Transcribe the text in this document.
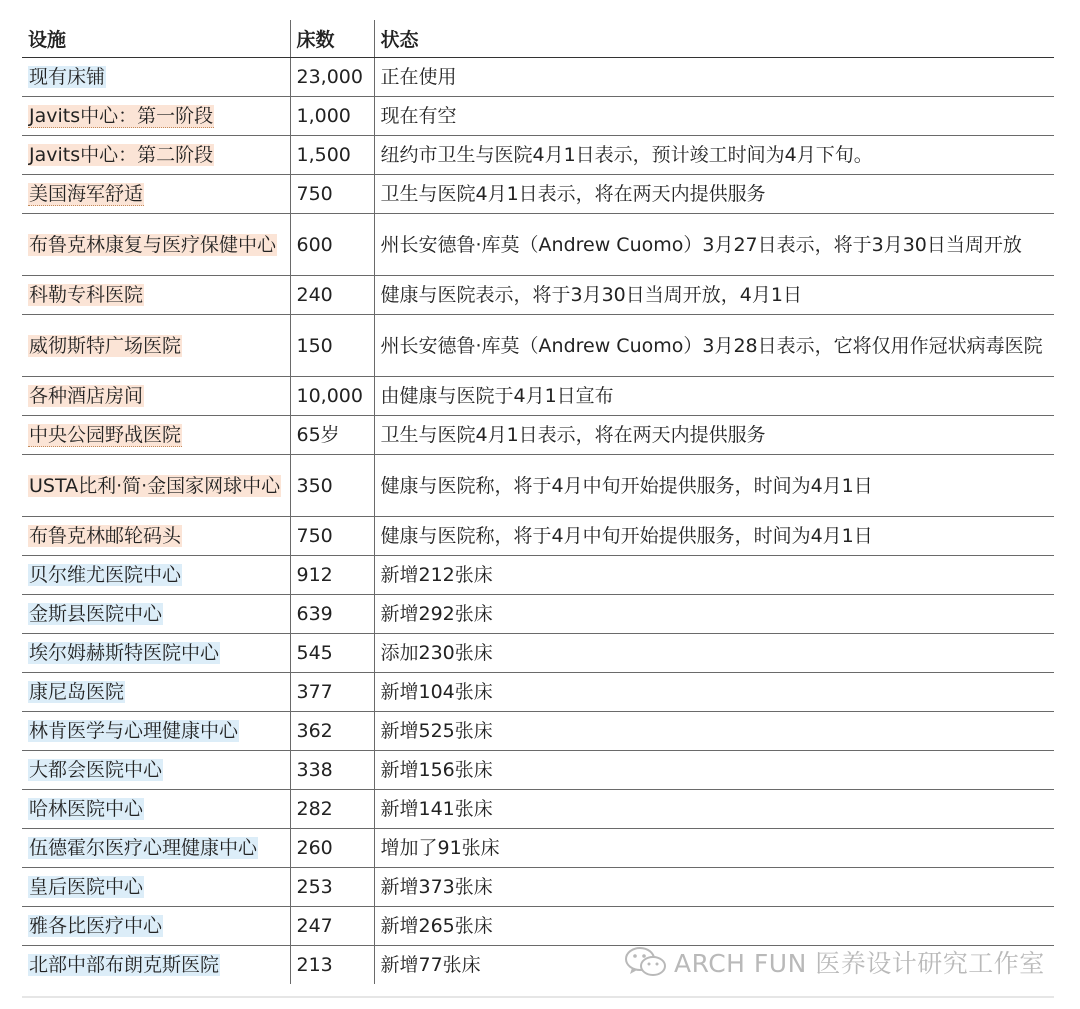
设施	床数	状态
现有床铺	23,000	正在使用
Javits中心：第一阶段	1,000	现在有空
Javits中心：第二阶段	1,500	纽约市卫生与医院4月1日表示，预计竣工时间为4月下旬。
美国海军舒适	750	卫生与医院4月1日表示，将在两天内提供服务
布鲁克林康复与医疗保健中心	600	州长安德鲁·库莫（Andrew Cuomo）3月27日表示，将于3月30日当周开放
科勒专科医院	240	健康与医院表示，将于3月30日当周开放，4月1日
威彻斯特广场医院	150	州长安德鲁·库莫（Andrew Cuomo）3月28日表示，它将仅用作冠状病毒医院
各种酒店房间	10,000	由健康与医院于4月1日宣布
中央公园野战医院	65岁	卫生与医院4月1日表示，将在两天内提供服务
USTA比利·简·金国家网球中心	350	健康与医院称，将于4月中旬开始提供服务，时间为4月1日
布鲁克林邮轮码头	750	健康与医院称，将于4月中旬开始提供服务，时间为4月1日
贝尔维尤医院中心	912	新增212张床
金斯县医院中心	639	新增292张床
埃尔姆赫斯特医院中心	545	添加230张床
康尼岛医院	377	新增104张床
林肯医学与心理健康中心	362	新增525张床
大都会医院中心	338	新增156张床
哈林医院中心	282	新增141张床
伍德霍尔医疗心理健康中心	260	增加了91张床
皇后医院中心	253	新增373张床
雅各比医疗中心	247	新增265张床
北部中部布朗克斯医院	213	新增77张床	ARCH FUN 医养设计研究工作室
